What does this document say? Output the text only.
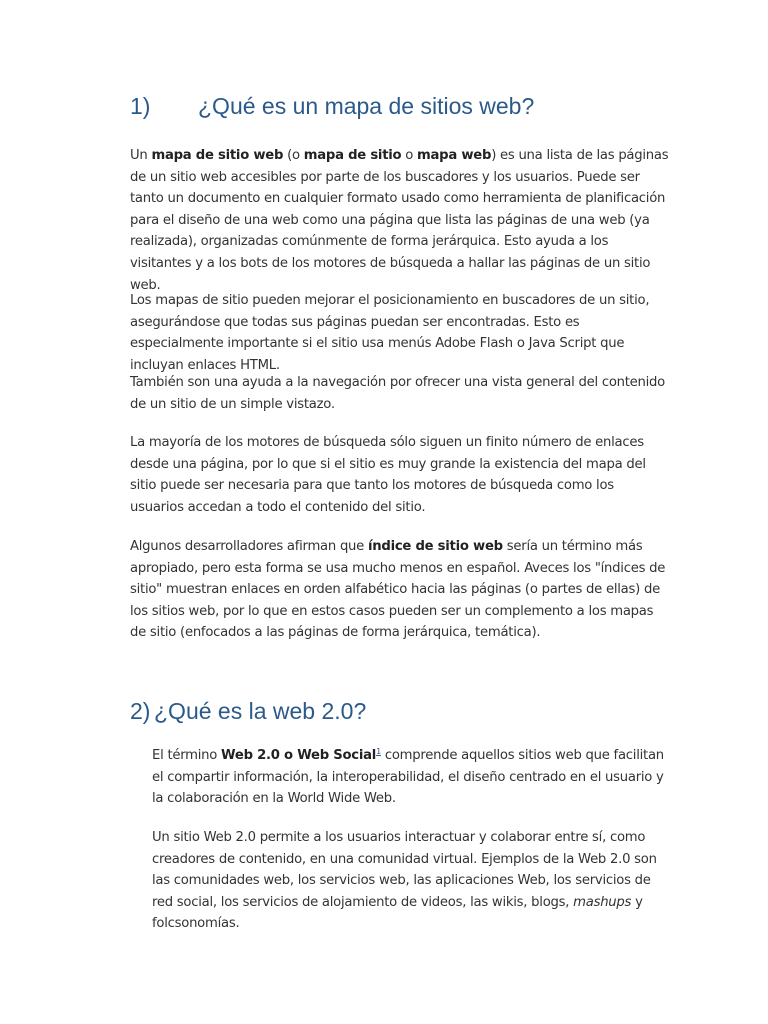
1) ¿Qué es un mapa de sitios web?

Un mapa de sitio web (o mapa de sitio o mapa web) es una lista de las páginas de un sitio web accesibles por parte de los buscadores y los usuarios. Puede ser tanto un documento en cualquier formato usado como herramienta de planificación para el diseño de una web como una página que lista las páginas de una web (ya realizada), organizadas comúnmente de forma jerárquica. Esto ayuda a los visitantes y a los bots de los motores de búsqueda a hallar las páginas de un sitio web.

Los mapas de sitio pueden mejorar el posicionamiento en buscadores de un sitio, asegurándose que todas sus páginas puedan ser encontradas. Esto es especialmente importante si el sitio usa menús Adobe Flash o Java Script que incluyan enlaces HTML.

También son una ayuda a la navegación por ofrecer una vista general del contenido de un sitio de un simple vistazo.

La mayoría de los motores de búsqueda sólo siguen un finito número de enlaces desde una página, por lo que si el sitio es muy grande la existencia del mapa del sitio puede ser necesaria para que tanto los motores de búsqueda como los usuarios accedan a todo el contenido del sitio.

Algunos desarrolladores afirman que índice de sitio web sería un término más apropiado, pero esta forma se usa mucho menos en español. Aveces los "índices de sitio" muestran enlaces en orden alfabético hacia las páginas (o partes de ellas) de los sitios web, por lo que en estos casos pueden ser un complemento a los mapas de sitio (enfocados a las páginas de forma jerárquica, temática).

2) ¿Qué es la web 2.0?

El término Web 2.0 o Web Social$^1$ comprende aquellos sitios web que facilitan el compartir información, la interoperabilidad, el diseño centrado en el usuario y la colaboración en la World Wide Web.

Un sitio Web 2.0 permite a los usuarios interactuar y colaborar entre sí, como creadores de contenido, en una comunidad virtual. Ejemplos de la Web 2.0 son las comunidades web, los servicios web, las aplicaciones Web, los servicios de red social, los servicios de alojamiento de videos, las wikis, blogs, mashups y folcsonomías.
